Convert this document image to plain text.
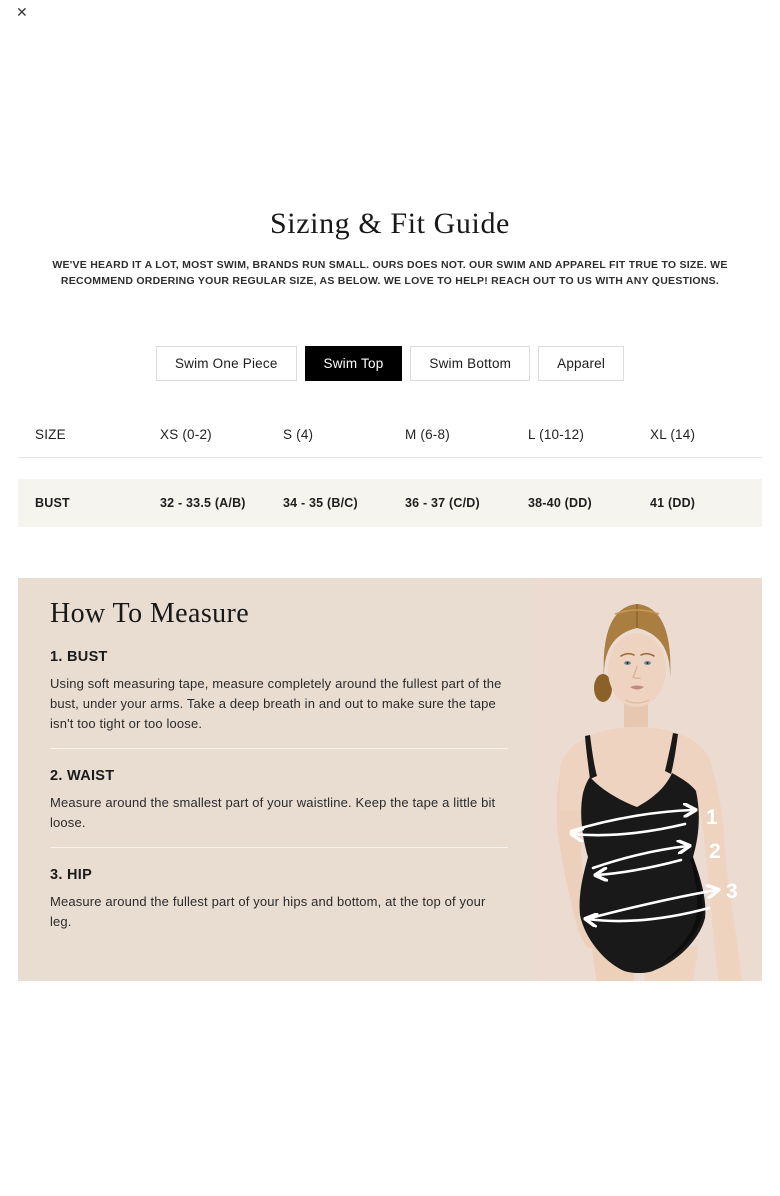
✕
Sizing & Fit Guide

WE'VE HEARD IT A LOT, MOST SWIM, BRANDS RUN SMALL. OURS DOES NOT. OUR SWIM AND APPAREL FIT TRUE TO SIZE. WE RECOMMEND ORDERING YOUR REGULAR SIZE, AS BELOW. WE LOVE TO HELP! REACH OUT TO US WITH ANY QUESTIONS.

Swim One Piece	Swim Top	Swim Bottom	Apparel
SIZE	XS (0-2)	S (4)	M (6-8)	L (10-12)	XL (14)
BUST	32 - 33.5 (A/B)	34 - 35 (B/C)	36 - 37 (C/D)	38-40 (DD)	41 (DD)
How To Measure
1. BUST

Using soft measuring tape, measure completely around the fullest part of the bust, under your arms. Take a deep breath in and out to make sure the tape isn't too tight or too loose.

2. WAIST

Measure around the smallest part of your waistline. Keep the tape a little bit loose.

3. HIP

Measure around the fullest part of your hips and bottom, at the top of your leg.

1
2
3
